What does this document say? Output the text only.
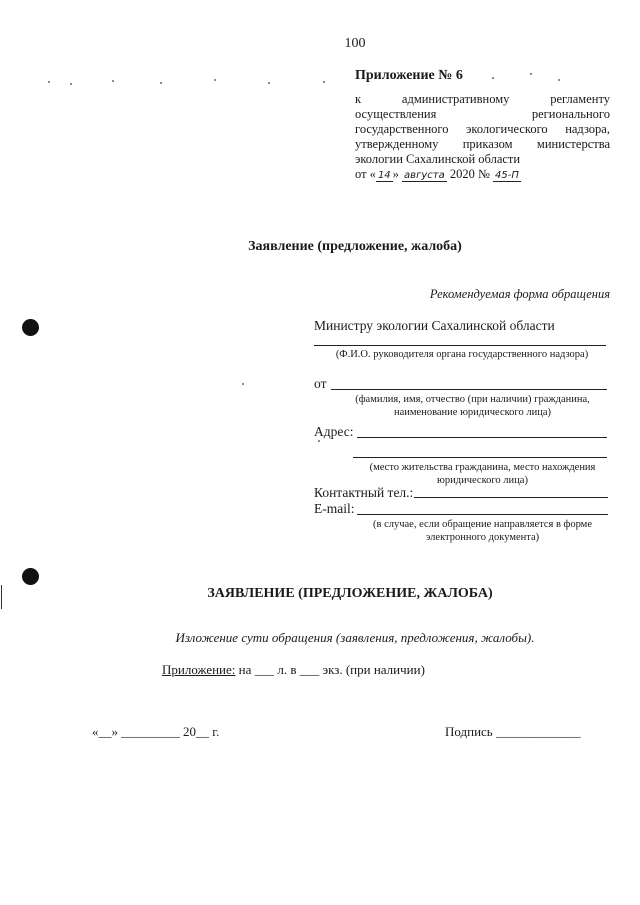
100
Приложение № 6
к административному регламенту
осуществления регионального
государственного экологического надзора,
утвержденному приказом министерства
экологии Сахалинской области
от « 14 » августа 2020 № 45-П
Заявление (предложение, жалоба)
Рекомендуемая форма обращения
Министру экологии Сахалинской области
(Ф.И.О. руководителя органа государственного надзора)
от
(фамилия, имя, отчество (при наличии) гражданина,
наименование юридического лица)
Адрес:
(место жительства гражданина, место нахождения
юридического лица)
Контактный тел.:
E-mail:
(в случае, если обращение направляется в форме
электронного документа)
ЗАЯВЛЕНИЕ (ПРЕДЛОЖЕНИЕ, ЖАЛОБА)
Изложение сути обращения (заявления, предложения, жалобы).
Приложение: на ___ л. в ___ экз. (при наличии)
«__» _________ 20__ г.	Подпись _____________
